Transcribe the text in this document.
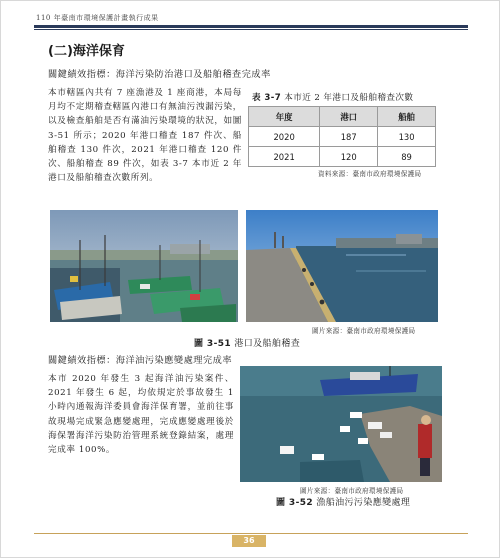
110 年臺南市環境保護計畫執行成果
(二)海洋保育
關鍵績效指標：海洋污染防治港口及船舶稽查完成率
本市轄區內共有 7 座漁港及 1 座商港，本局每月均不定期稽查轄區內港口有無油污洩漏污染，以及檢查船舶是否有滿油污染環境的狀況，如圖 3-51 所示；2020 年港口稽查 187 件次、船舶稽查 130 件次，2021 年港口稽查 120 件次、船舶稽查 89 件次，如表 3-7 本市近 2 年港口及船舶稽查次數所列。
表 3-7 本市近 2 年港口及船舶稽查次數
年度	港口	船舶
2020	187	130
2021	120	89
資料來源：臺南市政府環境保護局
圖片來源：臺南市政府環境保護局
圖 3-51 港口及船舶稽查
關鍵績效指標：海洋油污染應變處理完成率
本市 2020 年發生 3 起海洋油污染案件、2021 年發生 6 起，均依規定於事故發生 1 小時內通報海洋委員會海洋保育署，並前往事故現場完成緊急應變處理，完成應變處理後於海保署海洋污染防治管理系統登錄結案，處理完成率 100%。
圖片來源：臺南市政府環境保護局
圖 3-52 漁船油污污染應變處理
36
